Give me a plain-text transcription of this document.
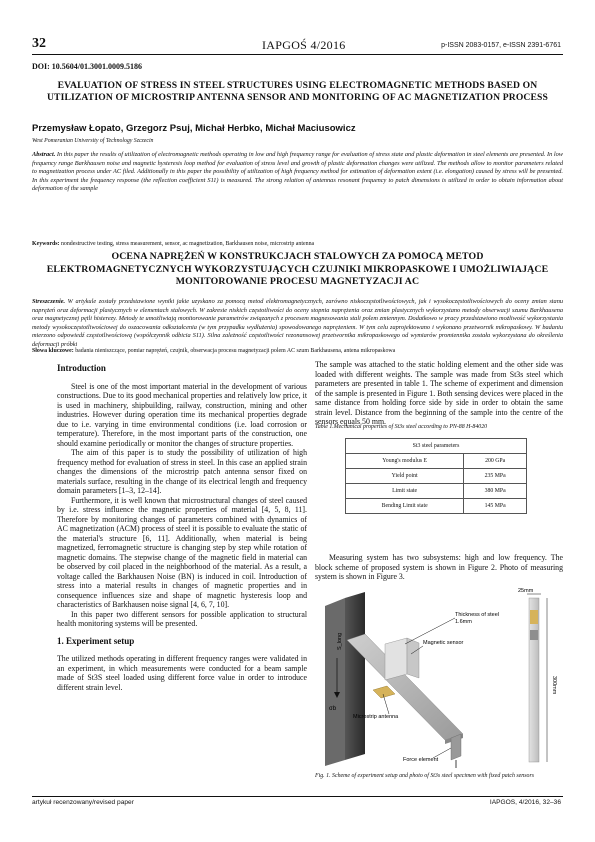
32	IAPGOŚ 4/2016	p-ISSN 2083-0157, e-ISSN 2391-6761
DOI: 10.5604/01.3001.0009.5186
EVALUATION OF STRESS IN STEEL STRUCTURES USING ELECTROMAGNETIC METHODS BASED ON UTILIZATION OF MICROSTRIP ANTENNA SENSOR AND MONITORING OF AC MAGNETIZATION PROCESS
Przemysław Łopato, Grzegorz Psuj, Michał Herbko, Michał Maciusowicz
West Pomeranian University of Technology Szczecin

Abstract. In this paper the results of utilization of electromagnetic methods operating in low and high frequency range for evaluation of stress state and plastic deformation in steel elements are presented. In low frequency range Barkhausen noise and magnetic hysteresis loop method for evaluation of stress level and growth of plastic deformation changes were utilized. The methods allow to monitor parameters related to magnetization process under AC filed. Additionally in this paper the possibility of utilization of high frequency method for estimation of deformation extent (i.e. elongation) caused by stress will be presented. In this experiment the frequency response (the reflection coefficient S11) is measured. The strong relation of antennas resonant frequency to patch dimensions is utilized in order to obtain information about deformation of the sample

Keywords: nondestructive testing, stress measurement, sensor, ac magnetization, Barkhausen noise, microstrip antenna

OCENA NAPRĘŻEŃ W KONSTRUKCJACH STALOWYCH ZA POMOCĄ METOD ELEKTROMAGNETYCZNYCH WYKORZYSTUJĄCYCH CZUJNIKI MIKROPASKOWE I UMOŻLIWIAJĄCE MONITOROWANIE PROCESU MAGNETYZACJI AC

Streszczenie. W artykule zostały przedstawione wyniki jakie uzyskano za pomocą metod elektromagnetycznych, zarówno niskoczęstotliwościowych, jak i wysokoczęstotliwościowych do oceny zmian stanu naprężeń oraz deformacji plastycznych w elementach stalowych. W zakresie niskich częstotliwości do oceny stopnia naprężenia oraz zmian plastycznych wykorzystano metody obserwacji szumu Barkhausena oraz magnetycznej pętli histerezy. Metody te umożliwiają monitorowanie parametrów związanych z procesem magnesowania stali polem zmiennym. Dodatkowo w pracy przedstawiono możliwość wykorzystania metody wysokoczęstotliwościowej do oszacowania odkształcenia (w tym przypadku wydłużenia) spowodowanego naprężeniem. W tym celu zaprojektowano i wykonano przetwornik mikropaskowy. W badaniu mierzono odpowiedź częstotliwościową (współczynnik odbicia S11). Silna zależność częstotliwości rezonansowej przetwornika mikropaskowego od wymiarów promiennika została wykorzystana do określenia deformacji próbki

Słowa kluczowe: badania nieniszczące, pomiar naprężeń, czujnik, obserwacja procesu magnetyzacji polem AC szum Barkhausena, antena mikropaskowa

Introduction

Steel is one of the most important material in the development of various constructions. Due to its good mechanical properties and relatively low price, it is used in machinery, shipbuilding, railway, construction, mining and other industries. However during operation time its mechanical properties degrade due to i.e. varying in time environmental conditions (i.e. load corrosion or temperature). Therefore, in the most important parts of the construction, one should examine periodically or monitor the changes of structure properties.

The aim of this paper is to study the possibility of utilization of high frequency method for evaluation of stress in steel. In this case an applied strain changes the dimensions of the microstrip patch antenna sensor fixed on materials surface, resulting in the change of its electrical length and frequency domain parameters [1–3, 12–14].

Furthermore, it is well known that microstructural changes of steel caused by i.e. stress influence the magnetic properties of material [4, 5, 8, 11]. Therefore by monitoring changes of parameters combined with dynamics of AC magnetization (ACM) process of steel it is possible to evaluate the static of the material's structure [6, 11]. Additionally, when material is being magnetized, ferromagnetic structure is changing step by step while rotation of magnetic domains. The stepwise change of the magnetic field in material can be observed by coil placed in the neighborhood of the material. As a result, a voltage called the Barkhausen Noise (BN) is induced in coil. Introduction of stress into a material results in changes of magnetic properties and in consequence influences size and shape of magnetic hysteresis loop and characteristics of Barkhausen noise signal [4, 6, 7, 10].

In this paper two different sensors for possible application to structural health monitoring systems will be presented.

1. Experiment setup

The utilized methods operating in different frequency ranges were validated in an experiment, in which measurements were conducted for a beam sample made of St3S steel loaded using different force value in order to introduce different strain level.

The sample was attached to the static holding element and the other side was loaded with different weights. The sample was made from St3s steel which parameters are presented in table 1. The scheme of experiment and dimension of the sample is presented in Figure 1. Both sensing devices were placed in the same distance from holding force side by side in order to obtain the same strain level. Distance from the beginning of the sample into the centre of the sensors equals 50 mm.

Table 1.Mechanical properties of St3s steel according to PN-88 H-84020
St3 steel parameters	
Young's modulus E	200 GPa
Yield point	235 MPa
Limit state	380 MPa
Bending Limit state	145 MPa

Measuring system has two subsystems: high and low frequency. The block scheme of proposed system is shown in Figure 2. Photo of measuring system is shown in Figure 3.

Thickness of steel
1.6mm
Magnetic sensor
S_long
σb
Microstrip antenna
Force element
25mm
300mm
Fig. 1. Scheme of experiment setup and photo of St3s steel specimen with fixed patch sensors
artykuł recenzowany/revised paper	IAPGOS, 4/2016, 32–36
